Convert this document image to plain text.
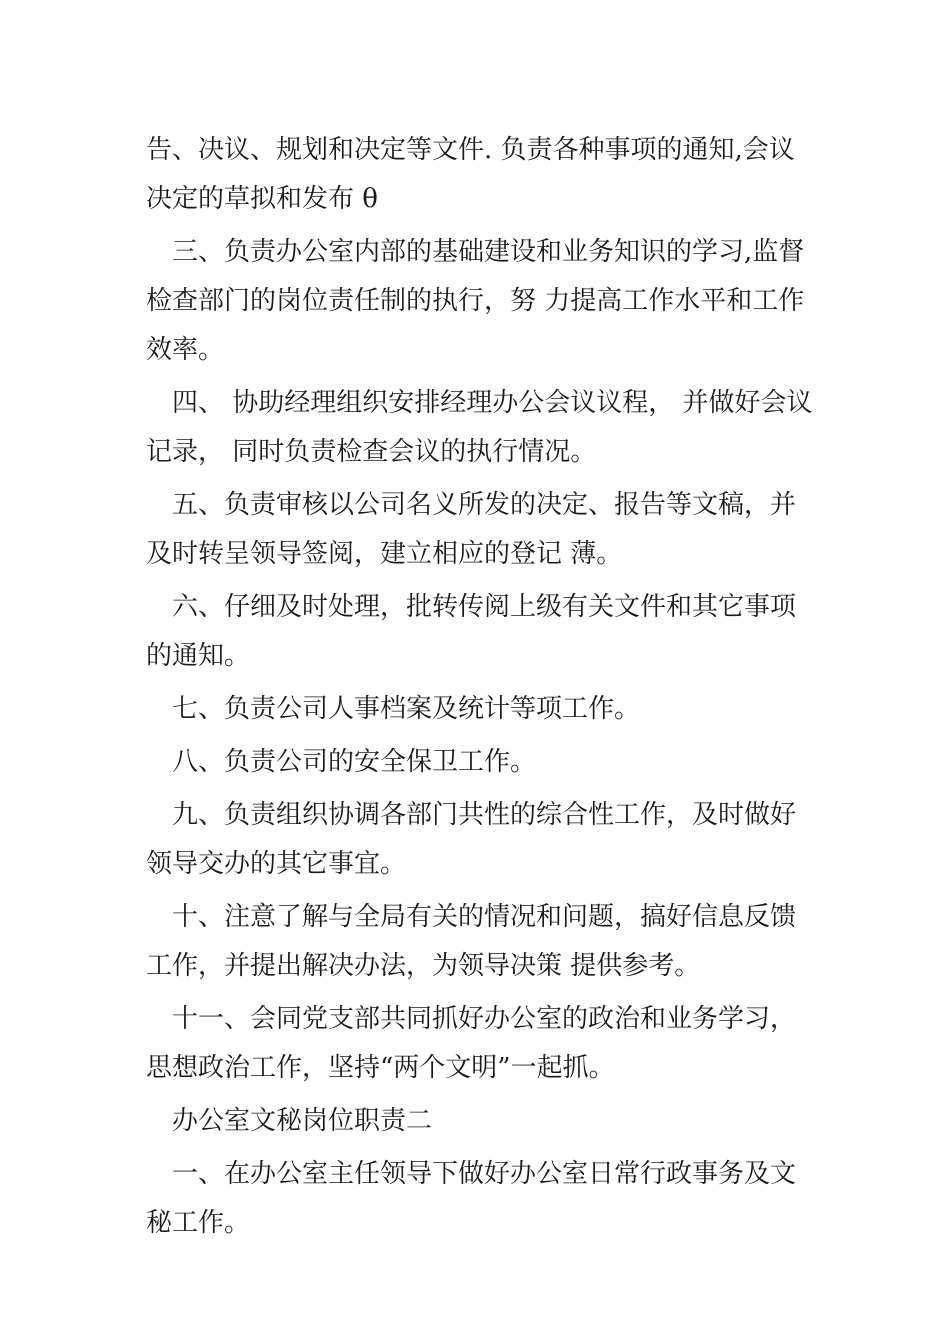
告、决议、规划和决定等文件. 负责各种事项的通知,会议决定的草拟和发布 θ

三、负责办公室内部的基础建设和业务知识的学习,监督检查部门的岗位责任制的执行，努 力提高工作水平和工作效率。

四、 协助经理组织安排经理办公会议议程， 并做好会议记录， 同时负责检查会议的执行情况。

五、负责审核以公司名义所发的决定、报告等文稿，并及时转呈领导签阅，建立相应的登记 薄。

六、仔细及时处理，批转传阅上级有关文件和其它事项的通知。

七、负责公司人事档案及统计等项工作。

八、负责公司的安全保卫工作。

九、负责组织协调各部门共性的综合性工作，及时做好领导交办的其它事宜。

十、注意了解与全局有关的情况和问题，搞好信息反馈工作，并提出解决办法，为领导决策 提供参考。

十一、会同党支部共同抓好办公室的政治和业务学习，思想政治工作，坚持“两个文明”一起抓。

办公室文秘岗位职责二

一、在办公室主任领导下做好办公室日常行政事务及文秘工作。
